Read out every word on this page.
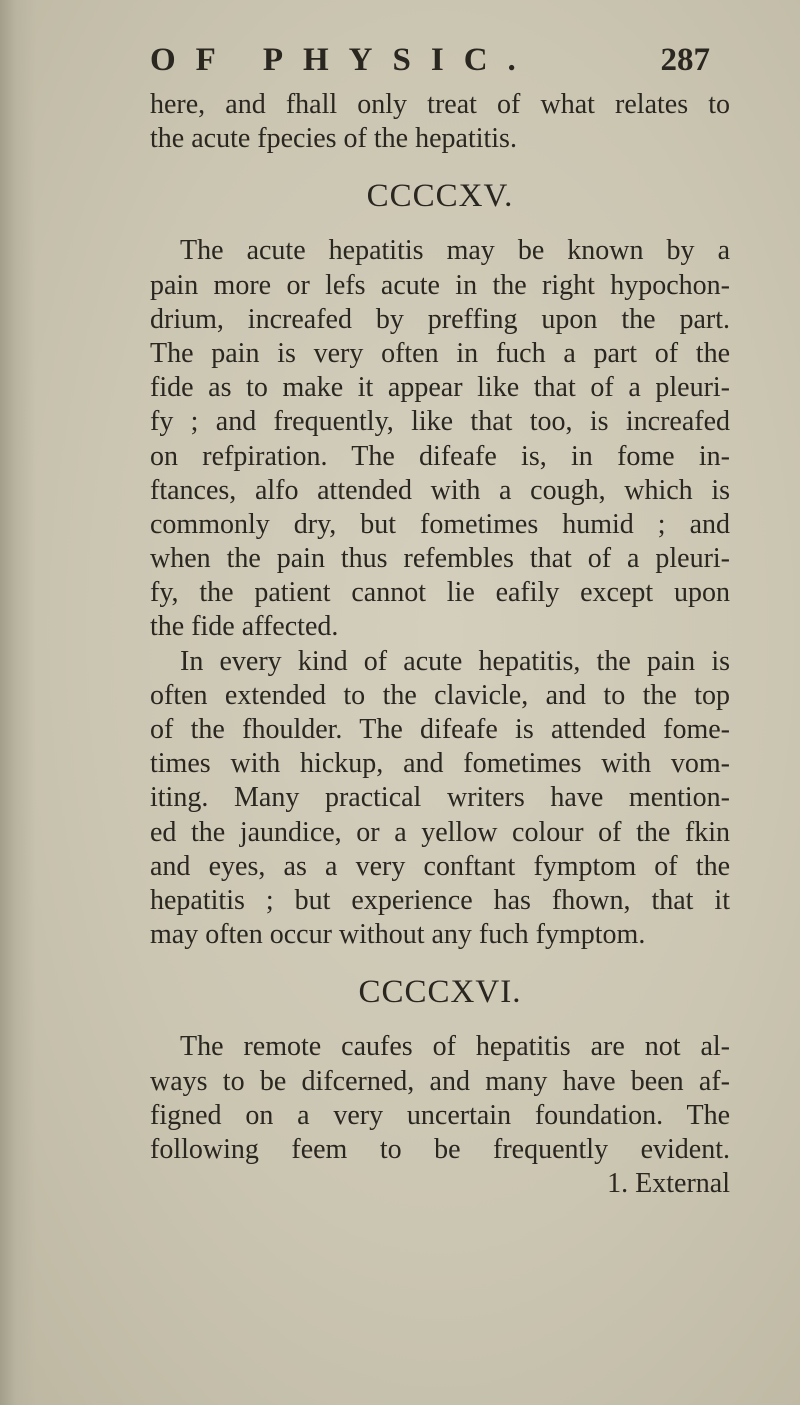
OF PHYSIC.	287
here, and fhall only treat of what relates to
the acute fpecies of the hepatitis.
CCCCXV.
The acute hepatitis may be known by a
pain more or lefs acute in the right hypochon-
drium, increafed by preffing upon the part.
The pain is very often in fuch a part of the
fide as to make it appear like that of a pleuri-
fy ; and frequently, like that too, is increafed
on refpiration. The difeafe is, in fome in-
ftances, alfo attended with a cough, which is
commonly dry, but fometimes humid ; and
when the pain thus refembles that of a pleuri-
fy, the patient cannot lie eafily except upon
the fide affected.
In every kind of acute hepatitis, the pain is
often extended to the clavicle, and to the top
of the fhoulder. The difeafe is attended fome-
times with hickup, and fometimes with vom-
iting. Many practical writers have mention-
ed the jaundice, or a yellow colour of the fkin
and eyes, as a very conftant fymptom of the
hepatitis ; but experience has fhown, that it
may often occur without any fuch fymptom.
CCCCXVI.
The remote caufes of hepatitis are not al-
ways to be difcerned, and many have been af-
figned on a very uncertain foundation. The
following feem to be frequently evident.
1. External
